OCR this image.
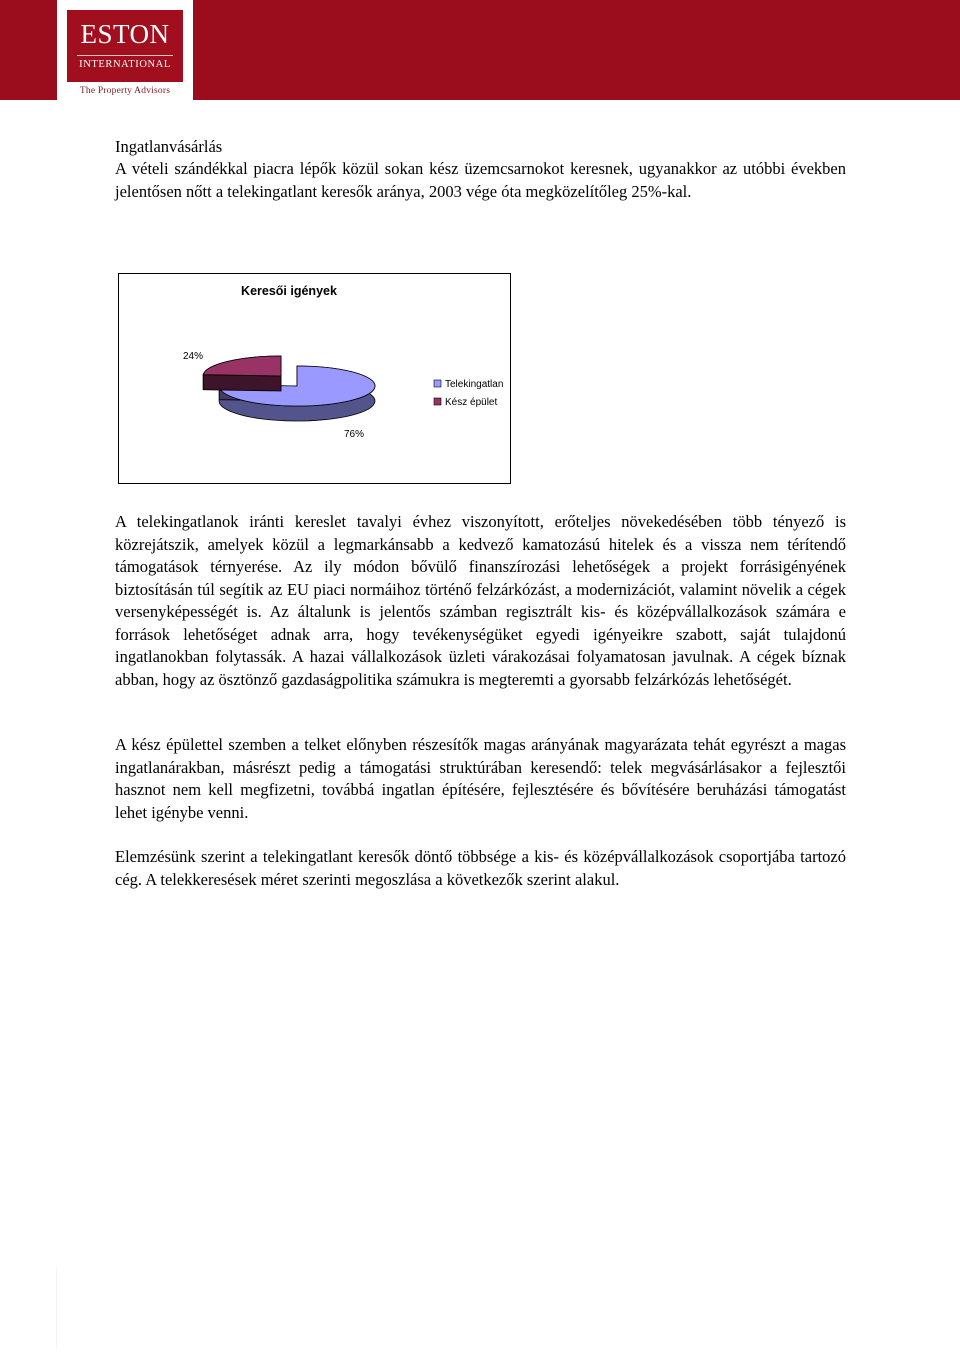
ESTON
INTERNATIONAL
The Property Advisors
Ingatlanvásárlás
A vételi szándékkal piacra lépők közül sokan kész üzemcsarnokot keresnek, ugyanakkor az utóbbi években jelentősen nőtt a telekingatlant keresők aránya, 2003 vége óta megközelítőleg 25%-kal.
Keresői igények
24%
76%
Telekingatlan
Kész épület
A telekingatlanok iránti kereslet tavalyi évhez viszonyított, erőteljes növekedésében több tényező is közrejátszik, amelyek közül a legmarkánsabb a kedvező kamatozású hitelek és a vissza nem térítendő támogatások térnyerése. Az ily módon bővülő finanszírozási lehetőségek a projekt forrásigényének biztosításán túl segítik az EU piaci normáihoz történő felzárkózást, a modernizációt, valamint növelik a cégek versenyképességét is. Az általunk is jelentős számban regisztrált kis- és középvállalkozások számára e források lehetőséget adnak arra, hogy tevékenységüket egyedi igényeikre szabott, saját tulajdonú ingatlanokban folytassák. A hazai vállalkozások üzleti várakozásai folyamatosan javulnak. A cégek bíznak abban, hogy az ösztönző gazdaságpolitika számukra is megteremti a gyorsabb felzárkózás lehetőségét.
A kész épülettel szemben a telket előnyben részesítők magas arányának magyarázata tehát egyrészt a magas ingatlanárakban, másrészt pedig a támogatási struktúrában keresendő: telek megvásárlásakor a fejlesztői hasznot nem kell megfizetni, továbbá ingatlan építésére, fejlesztésére és bővítésére beruházási támogatást lehet igénybe venni.
Elemzésünk szerint a telekingatlant keresők döntő többsége a kis- és középvállalkozások csoportjába tartozó cég. A telekkeresések méret szerinti megoszlása a következők szerint alakul.
